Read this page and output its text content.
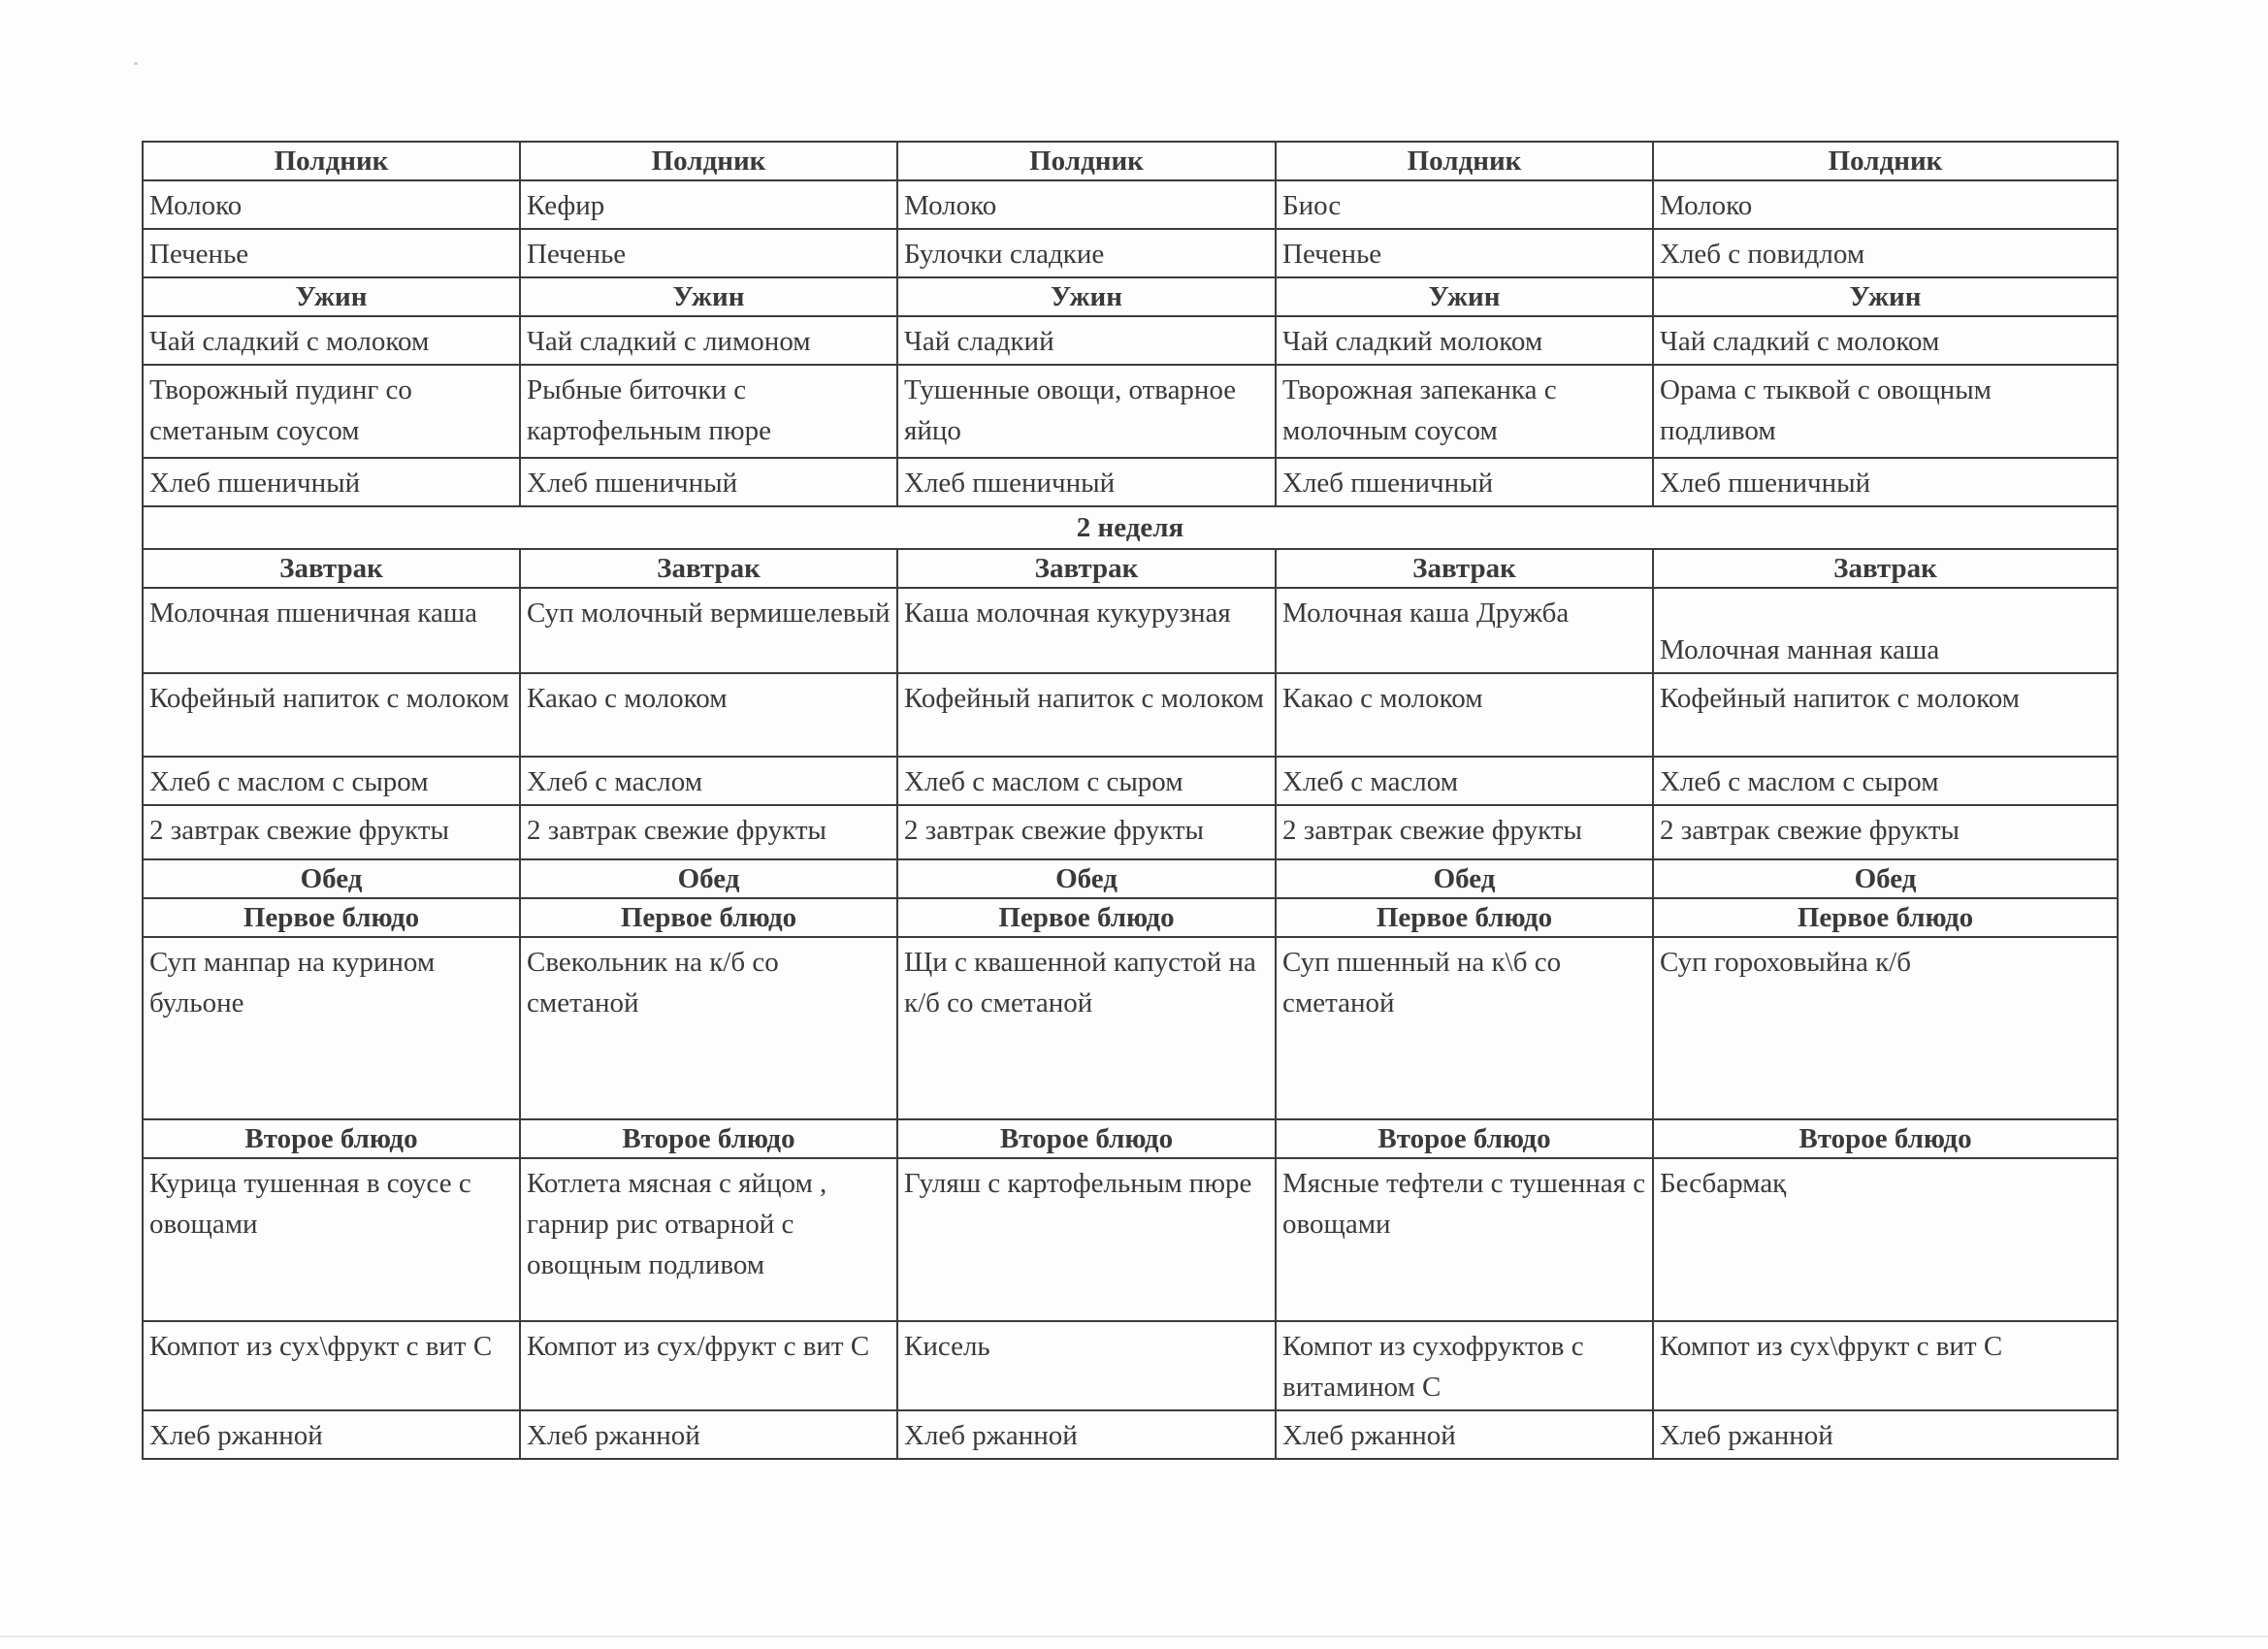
Полдник	Полдник	Полдник	Полдник	Полдник
Молоко	Кефир	Молоко	Биос	Молоко
Печенье	Печенье	Булочки сладкие	Печенье	Хлеб с повидлом
Ужин	Ужин	Ужин	Ужин	Ужин
Чай сладкий с молоком	Чай сладкий с лимоном	Чай сладкий	Чай сладкий молоком	Чай сладкий с молоком
Творожный пудинг со сметаным соусом	Рыбные биточки с картофельным пюре	Тушенные овощи, отварное яйцо	Творожная запеканка с молочным соусом	Орама с тыквой с овощным подливом
Хлеб пшеничный	Хлеб пшеничный	Хлеб пшеничный	Хлеб пшеничный	Хлеб пшеничный
2 неделя				
Завтрак	Завтрак	Завтрак	Завтрак	Завтрак
Молочная пшеничная каша	Суп молочный вермишелевый	Каша молочная кукурузная	Молочная каша Дружба	Молочная манная каша
Кофейный напиток с молоком	Какао с молоком	Кофейный напиток с молоком	Какао с молоком	Кофейный напиток с молоком
Хлеб с маслом с сыром	Хлеб с маслом	Хлеб с маслом с сыром	Хлеб с маслом	Хлеб с маслом с сыром
2 завтрак свежие фрукты	2 завтрак свежие фрукты	2 завтрак свежие фрукты	2 завтрак свежие фрукты	2 завтрак свежие фрукты
Обед	Обед	Обед	Обед	Обед
Первое блюдо	Первое блюдо	Первое блюдо	Первое блюдо	Первое блюдо
Суп манпар на курином бульоне	Свекольник на к/б со сметаной	Щи с квашенной капустой на к/б со сметаной	Суп пшенный на к\б со сметаной	Суп гороховыйна к/б
Второе блюдо	Второе блюдо	Второе блюдо	Второе блюдо	Второе блюдо
Курица тушенная в соусе с овощами	Котлета мясная с яйцом , гарнир рис отварной с овощным подливом	Гуляш с картофельным пюре	Мясные тефтели с тушенная с овощами	Бесбармақ
Компот из сух\фрукт с вит С	Компот из сух/фрукт с вит С	Кисель	Компот из сухофруктов с витамином С	Компот из сух\фрукт с вит С
Хлеб ржанной	Хлеб ржанной	Хлеб ржанной	Хлеб ржанной	Хлеб ржанной
